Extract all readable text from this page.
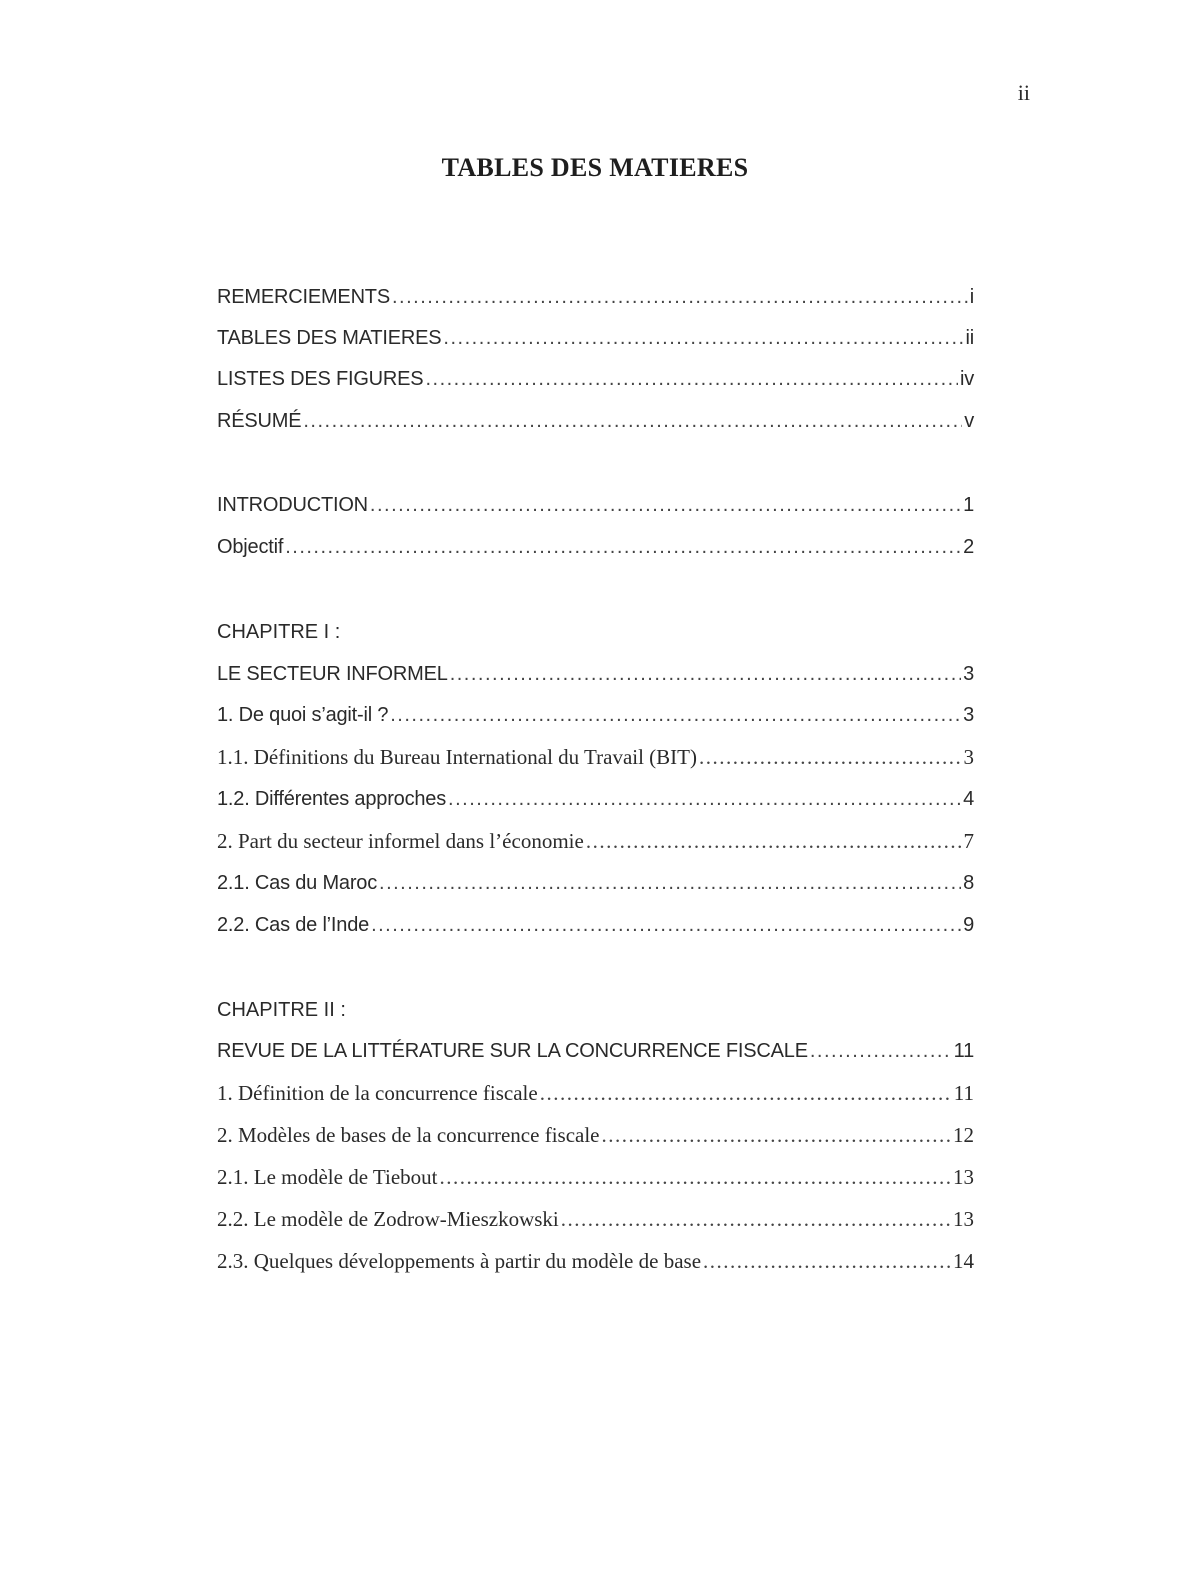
ii
TABLES DES MATIERES
REMERCIEMENTS .....	i
TABLES DES MATIERES .....	ii
LISTES DES FIGURES .....	iv
RÉSUMÉ .....	v
INTRODUCTION .....	1
Objectif .....	2
CHAPITRE I :
LE SECTEUR INFORMEL .....	3
1. De quoi s’agit-il ? .....	3
1.1. Définitions du Bureau International du Travail (BIT) .....	3
1.2. Différentes approches .....	4
2. Part du secteur informel dans l’économie .....	7
2.1. Cas du Maroc .....	8
2.2. Cas de l’Inde .....	9
CHAPITRE II :
REVUE DE LA LITTÉRATURE SUR LA CONCURRENCE FISCALE .....	11
1. Définition de la concurrence fiscale .....	11
2. Modèles de bases de la concurrence fiscale .....	12
2.1. Le modèle de Tiebout .....	13
2.2. Le modèle de Zodrow-Mieszkowski .....	13
2.3. Quelques développements à partir du modèle de base .....	14
